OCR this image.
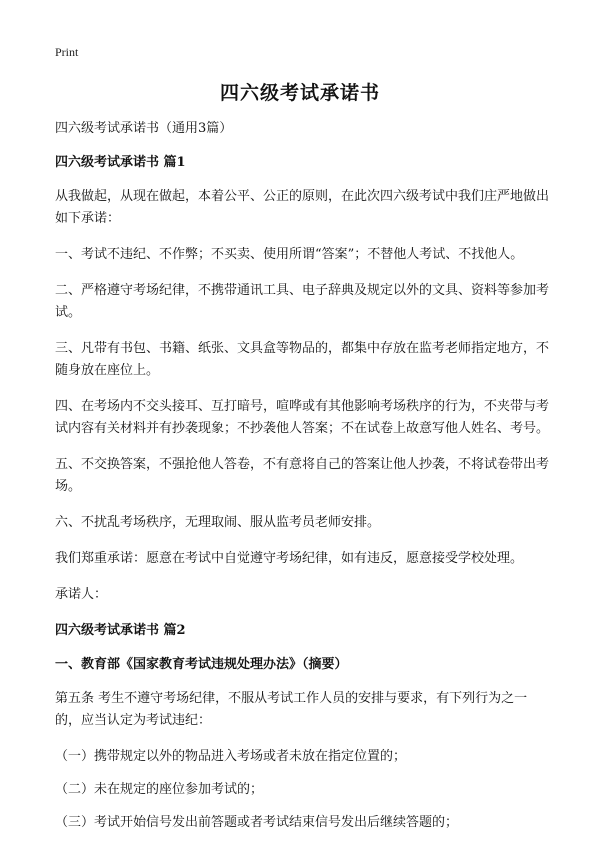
Print
四六级考试承诺书

四六级考试承诺书（通用3篇）

四六级考试承诺书 篇1

从我做起，从现在做起，本着公平、公正的原则，在此次四六级考试中我们庄严地做出如下承诺：

一、考试不违纪、不作弊；不买卖、使用所谓“答案”；不替他人考试、不找他人。

二、严格遵守考场纪律，不携带通讯工具、电子辞典及规定以外的文具、资料等参加考试。

三、凡带有书包、书籍、纸张、文具盒等物品的，都集中存放在监考老师指定地方，不随身放在座位上。

四、在考场内不交头接耳、互打暗号，喧哗或有其他影响考场秩序的行为，不夹带与考试内容有关材料并有抄袭现象；不抄袭他人答案；不在试卷上故意写他人姓名、考号。

五、不交换答案，不强抢他人答卷，不有意将自己的答案让他人抄袭，不将试卷带出考场。

六、不扰乱考场秩序，无理取闹、服从监考员老师安排。

我们郑重承诺：愿意在考试中自觉遵守考场纪律，如有违反，愿意接受学校处理。

承诺人：

四六级考试承诺书 篇2

一、教育部《国家教育考试违规处理办法》（摘要）

第五条 考生不遵守考场纪律，不服从考试工作人员的安排与要求，有下列行为之一的，应当认定为考试违纪：

（一）携带规定以外的物品进入考场或者未放在指定位置的；

（二）未在规定的座位参加考试的；

（三）考试开始信号发出前答题或者考试结束信号发出后继续答题的；
